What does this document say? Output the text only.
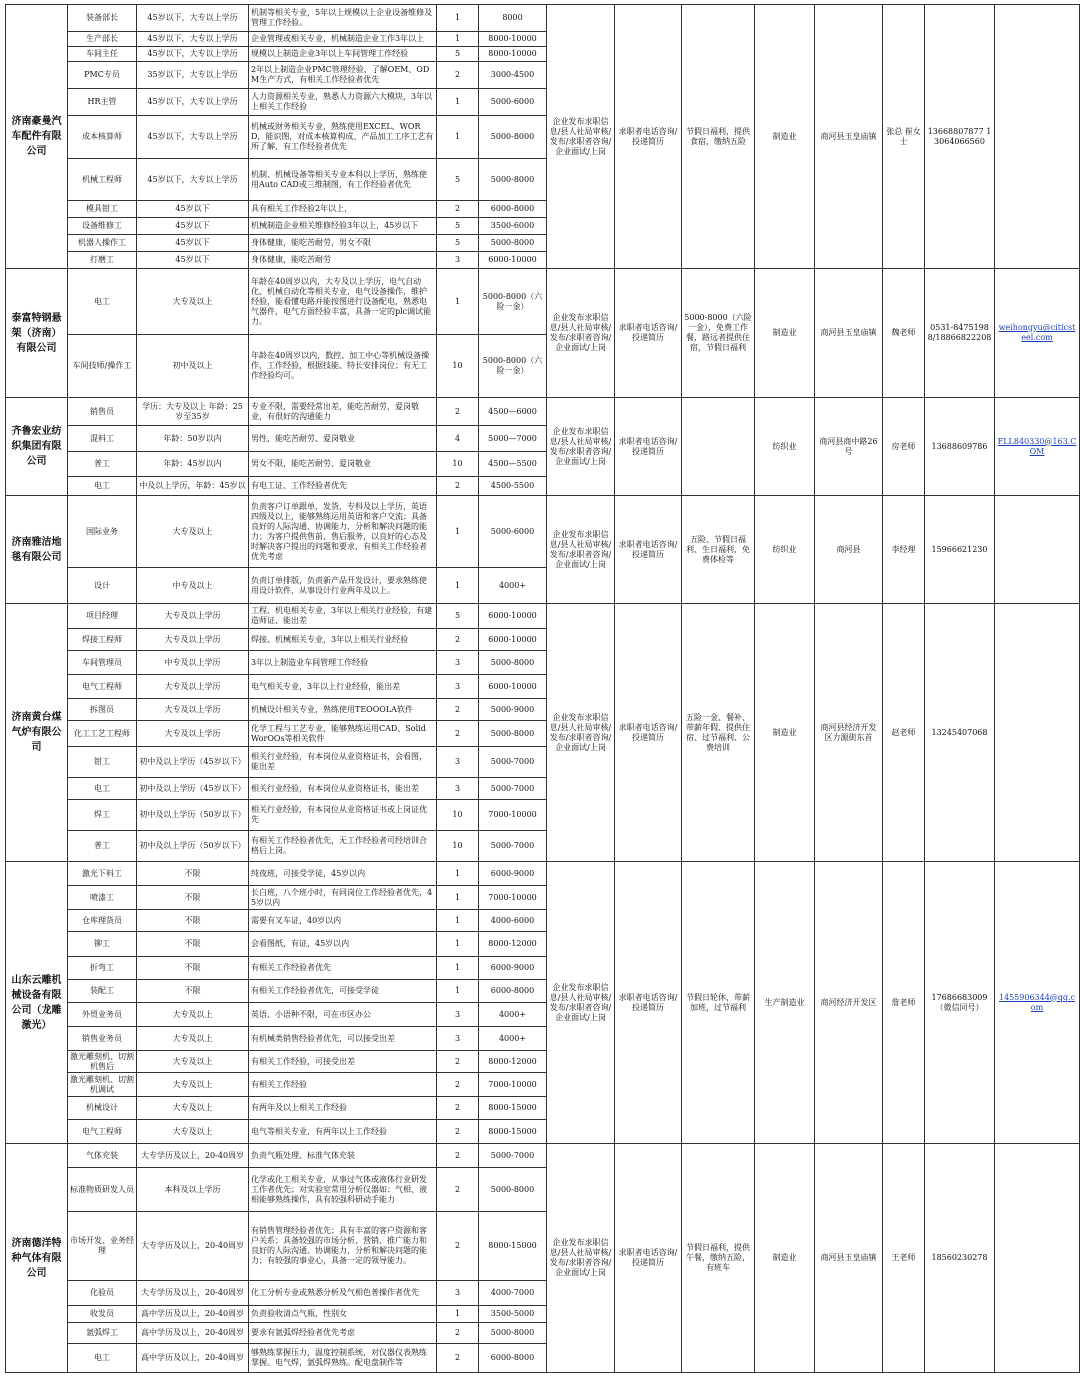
济南豪曼汽车配件有限公司	装备部长	45岁以下，大专以上学历	机制等相关专业，5年以上规模以上企业设备维修及管理工作经验。	1	8000	企业发布求职信息/县人社局审核/发布/求职者咨询/企业面试/上岗	求职者电话咨询/投递简历	节假日福利，提供食宿，缴纳五险	制造业	商河县玉皇庙镇	张总 崔女士	13668807877 13064066560	
	生产部长	45岁以下，大专以上学历	企业管理或相关专业，机械制造企业工作3年以上	1	8000-10000								
	车间主任	45岁以下，大专以上学历	规模以上制造企业3年以上车间管理工作经验	5	8000-10000								
	PMC专员	35岁以下，大专以上学历	2年以上制造企业PMC管理经验，了解OEM、ODM生产方式，有相关工作经验者优先	2	3000-4500								
	HR主管	45岁以下，大专以上学历	人力资源相关专业，熟悉人力资源六大模块，3年以上相关工作经验	1	5000-6000								
	成本核算师	45岁以下，大专以上学历	机械或财务相关专业，熟练使用EXCEL、WORD，能识图，对成本核算构成、产品加工工序工艺有所了解，有工作经验者优先	1	5000-8000								
	机械工程师	45岁以下，大专以上学历	机制、机械设备等相关专业本科以上学历，熟练使用Auto CAD或三维制图，有工作经验者优先	5	5000-8000								
	模具钳工	45岁以下	具有相关工作经验2年以上，	2	6000-8000								
	设备维修工	45岁以下	机械制造企业相关维修经验3年以上，45岁以下	5	3500-6000								
	机器人操作工	45岁以下	身体健康，能吃苦耐劳，男女不限	5	5000-8000								
	打磨工	45岁以下	身体健康，能吃苦耐劳	3	6000-10000								
泰富特钢悬架（济南）有限公司	电工	大专及以上	年龄在40周岁以内，大专及以上学历，电气自动化、机械自动化等相关专业，电气设备操作，维护经验，能看懂电路并能按图进行设备配电，熟悉电气器件，电气方面经验丰富，具备一定的plc调试能力。	1	5000-8000（六险一金）	企业发布求职信息/县人社局审核/发布/求职者咨询/企业面试/上岗	求职者电话咨询/投递简历	5000-8000（六险一金），免费工作餐，路远者提供住宿，节假日福利	制造业	商河县玉皇庙镇	魏老师	0531-84751988/18866822208	weihongyu@citicsteel.com
	车间技师/操作工	初中及以上	年龄在40周岁以内，数控、加工中心等机械设备操作，工作经验，根据技能、特长安排岗位；有无工作经验均可。	10	5000-8000（六险一金）								
齐鲁宏业纺织集团有限公司	销售员	学历：大专及以上 年龄：25岁至35岁	专业不限，需要经常出差，能吃苦耐劳，爱岗敬业，有很好的沟通能力	2	4500—6000	企业发布求职信息/县人社局审核/发布/求职者咨询/企业面试/上岗	求职者电话咨询/投递简历		纺织业	商河县商中路26号	房老师	13688609786	FLL840330@163.COM
	混料工	年龄：50岁以内	男性，能吃苦耐劳、爱岗敬业	4	5000—7000								
	普工	年龄：45岁以内	男女不限，能吃苦耐劳、爱岗敬业	10	4500—5500								
	电工	中及以上学历，年龄：45岁以	有电工证、工作经验者优先	2	4500-5500								
济南雅洁地毯有限公司	国际业务	大专及以上	负责客户订单跟单，发货，专科及以上学历，英语四级及以上，能够熟练运用英语和客户交流；具备良好的人际沟通、协调能力，分析和解决问题的能力；为客户提供售前、售后服务，以良好的心态及时解决客户提出的问题和要求，有相关工作经验者优先考虑	1	5000-6000	企业发布求职信息/县人社局审核/发布/求职者咨询/企业面试/上岗	求职者电话咨询/投递简历	五险、节假日福利、生日福利，免费体检等	纺织业	商河县	李经理	15966621230	
	设计	中专及以上	负责订单排版，负责新产品开发设计，要求熟练使用设计软件，从事设计行业两年及以上。	1	4000+								
济南黄台煤气炉有限公司	项目经理	大专及以上学历	工程、机电相关专业，3年以上相关行业经验，有建造师证、能出差	5	6000-10000	企业发布求职信息/县人社局审核/发布/求职者咨询/企业面试/上岗	求职者电话咨询/投递简历	五险一金、餐补、带薪年假、提供住宿、过节福利、公费培训	制造业	商河县经济开发区力源街东首	赵老师	13245407068	
	焊接工程师	大专及以上学历	焊接、机械相关专业，3年以上相关行业经验	2	6000-10000								
	车间管理员	中专及以上学历	3年以上制造业车间管理工作经验	3	5000-8000								
	电气工程师	大专及以上学历	电气相关专业，3年以上行业经验，能出差	3	6000-10000								
	拆图员	大专及以上学历	机械设计相关专业，熟练使用TEOOOLA软件	2	5000-9000								
	化工工艺工程师	大专及以上学历	化学工程与工艺专业，能够熟练运用CAD、SolidWorOOs等相关软件	2	5000-8000								
	钳工	初中及以上学历（45岁以下）	相关行业经验，有本岗位从业资格证书，会看图，能出差	3	5000-7000								
	电工	初中及以上学历（45岁以下）	相关行业经验，有本岗位从业资格证书，能出差	3	5000-7000								
	焊工	初中及以上学历（50岁以下）	相关行业经验，有本岗位从业资格证书或上岗证优先	10	7000-10000								
	普工	初中及以上学历（50岁以下）	有相关工作经验者优先，无工作经验者可经培训合格后上岗。	10	5000-7000								
山东云雕机械设备有限公司（龙雕激光）	激光下料工	不限	纯夜班，可接受学徒，45岁以内	1	6000-9000	企业发布求职信息/县人社局审核/发布/求职者咨询/企业面试/上岗	求职者电话咨询/投递简历	节假日轮休，带薪加班，过节福利	生产制造业	商河经济开发区	詹老师	17686683009（微信同号）	1455906344@qq.com
	喷漆工	不限	长白班，八个班小时，有同岗位工作经验者优先，45岁以内	1	7000-10000								
	仓库理货员	不限	需要有叉车证，40岁以内	1	4000-6000								
	铆工	不限	会看图纸，有证，45岁以内	1	8000-12000								
	折弯工	不限	有相关工作经验者优先	1	6000-9000								
	装配工	不限	有相关工作经验者优先，可接受学徒	1	6000-8000								
	外贸业务员	大专及以上	英语、小语种不限，可在市区办公	3	4000+								
	销售业务员	大专及以上	有机械类销售经验者优先，可以接受出差	3	4000+								
	激光雕刻机、切割机售后	大专及以上	有相关工作经验，可接受出差	2	8000-12000								
	激光雕刻机、切割机调试	大专及以上	有相关工作经验	2	7000-10000								
	机械设计	大专及以上	有两年及以上相关工作经验	2	8000-15000								
	电气工程师	大专及以上	电气等相关专业，有两年以上工作经验	2	8000-15000								
济南德洋特种气体有限公司	气体充装	大专学历及以上，20-40周岁	负责气瓶处理、标准气体充装	2	5000-7000	企业发布求职信息/县人社局审核/发布/求职者咨询/企业面试/上岗	求职者电话咨询/投递简历	节假日福利，提供午餐，缴纳五险，有班车	制造业	商河县玉皇庙镇	王老师	18560230278	
	标准物质研发人员	本科及以上学历	化学或化工相关专业，从事过气体或液体行业研发工作者优先；对实验室常用分析仪器如：气相、液相能够熟练操作，具有较强科研动手能力	2	5000-8000								
	市场开发、业务经理	大专学历及以上，20-40周岁	有销售管理经验者优先；具有丰富的客户资源和客户关系；具备较强的市场分析、营销、推广能力和良好的人际沟通、协调能力，分析和解决问题的能力；有较强的事业心，具备一定的领导能力。	2	8000-15000								
	化验员	大专学历及以上，20-40周岁	化工分析专业或熟悉分析及气相色普操作者优先	3	4000-7000								
	收发员	高中学历及以上，20-40周岁	负责验收清点气瓶，性别女	1	3500-5000								
	氩弧焊工	高中学历及以上，20-40周岁	要求有氩弧焊经验者优先考虑	2	5000-8000								
	电工	高中学历及以上，20-40周岁	够熟练掌握压力，温度控制系统，对仪器仪表熟练掌握。电气焊，氩弧焊熟练。配电盘制作等	2	6000-8000								
